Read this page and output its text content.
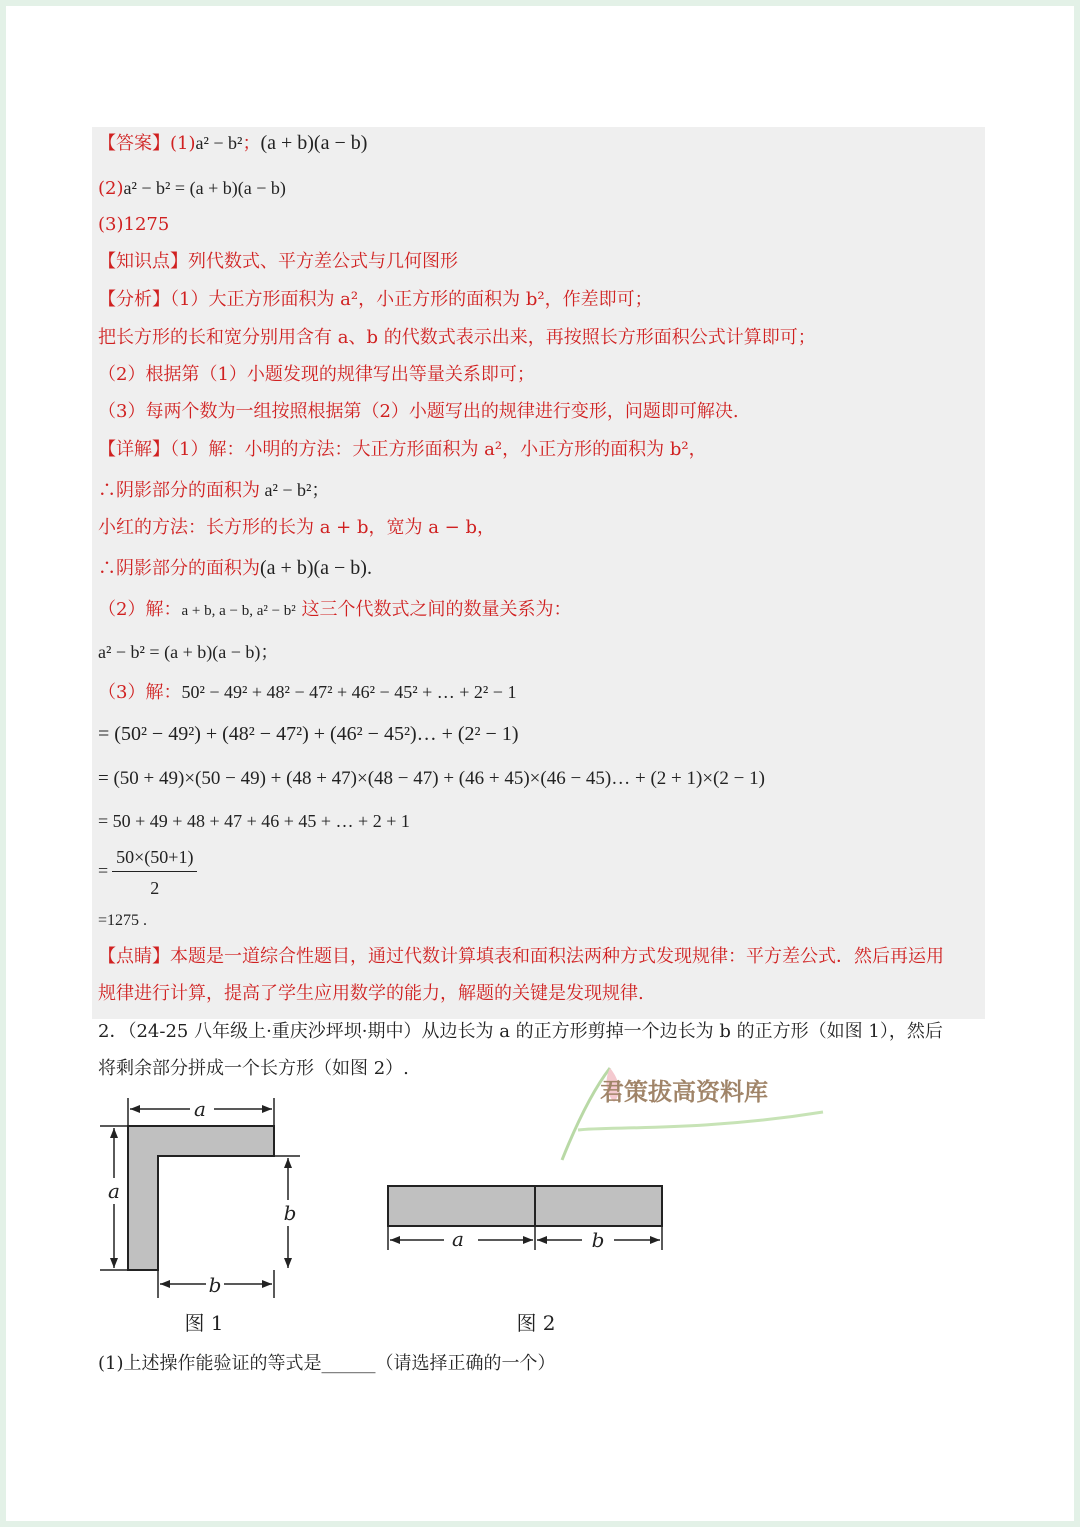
【答案】(1)a² − b²；(a + b)(a − b)
(2)a² − b² = (a + b)(a − b)
(3)1275
【知识点】列代数式、平方差公式与几何图形
【分析】（1）大正方形面积为 a²，小正方形的面积为 b²，作差即可；
把长方形的长和宽分别用含有 a、b 的代数式表示出来，再按照长方形面积公式计算即可；
（2）根据第（1）小题发现的规律写出等量关系即可；
（3）每两个数为一组按照根据第（2）小题写出的规律进行变形，问题即可解决.
【详解】（1）解：小明的方法：大正方形面积为 a²，小正方形的面积为 b²，
∴阴影部分的面积为 a² − b²；
小红的方法：长方形的长为 a + b，宽为 a − b，
∴阴影部分的面积为(a + b)(a − b).
（2）解：a + b, a − b, a² − b² 这三个代数式之间的数量关系为：
a² − b² = (a + b)(a − b)；
（3）解：50² − 49² + 48² − 47² + 46² − 45² + … + 2² − 1
= (50² − 49²) + (48² − 47²) + (46² − 45²)… + (2² − 1)
= (50 + 49)×(50 − 49) + (48 + 47)×(48 − 47) + (46 + 45)×(46 − 45)… + (2 + 1)×(2 − 1)
= 50 + 49 + 48 + 47 + 46 + 45 + … + 2 + 1
= $\frac{50\times(50+1)}{2}$
=1275 .
【点睛】本题是一道综合性题目，通过代数计算填表和面积法两种方式发现规律：平方差公式．然后再运用
规律进行计算，提高了学生应用数学的能力，解题的关键是发现规律.
2．（24-25 八年级上·重庆沙坪坝·期中）从边长为 a 的正方形剪掉一个边长为 b 的正方形（如图 1），然后
将剩余部分拼成一个长方形（如图 2）.
a
a
b
b
图 1
a	b
图 2
君策拔高资料库
(1)上述操作能验证的等式是______（请选择正确的一个）
